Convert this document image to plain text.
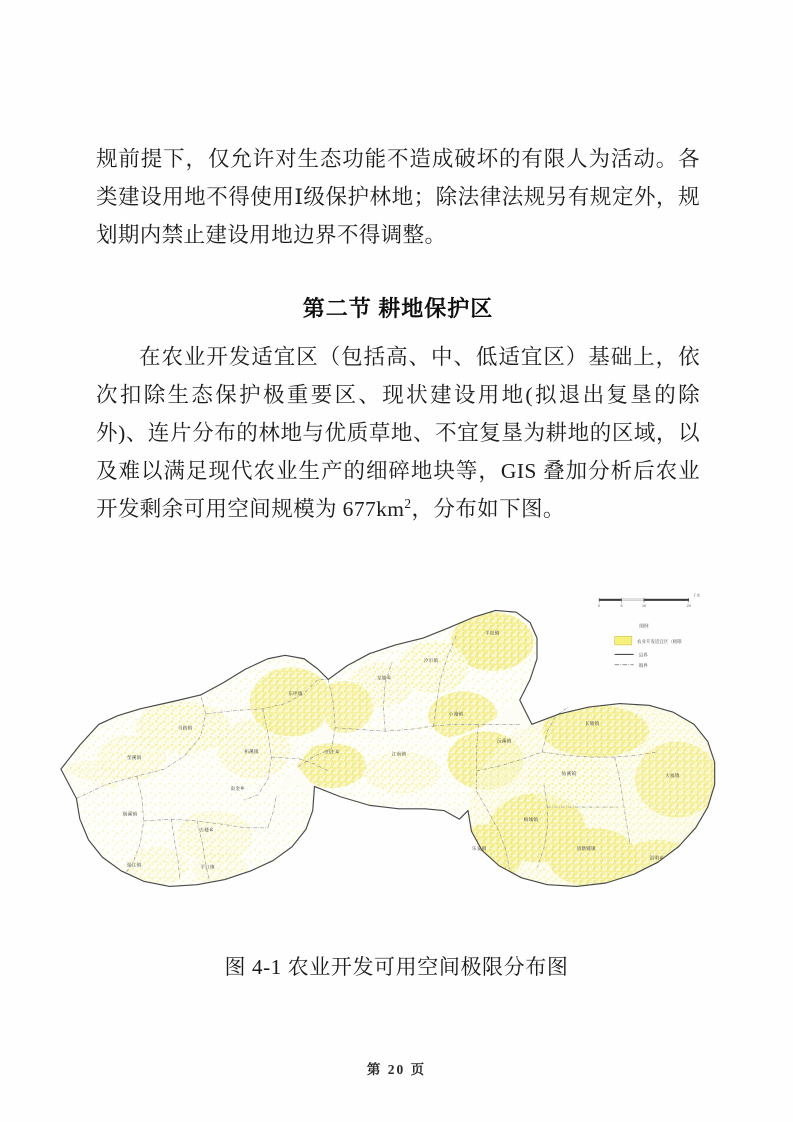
规前提下，仅允许对生态功能不造成破坏的有限人为活动。各类建设用地不得使用Ⅰ级保护林地；除法律法规另有规定外，规划期内禁止建设用地边界不得调整。

第二节 耕地保护区

在农业开发适宜区（包括高、中、低适宜区）基础上，依次扣除生态保护极重要区、现状建设用地(拟退出复垦的除外)、连片分布的林地与优质草地、不宜复垦为耕地的区域，以及难以满足现代农业生产的细碎地块等，GIS 叠加分析后农业开发剩余可用空间规模为 $677km^2$，分布如下图。

半岛镇
冷市镇
龙塘乡
东坪镇
马路镇
奎溪镇
柘溪镇
小淹镇
田庄乡	江南镇
沅溪镇
长塘镇
南金乡
仙溪镇	大福镇
烟溪镇
古楼乡
梅城镇
乐安镇	清塘铺镇
渠江镇	平口镇
滔明乡
0	5	10	20
千米
图例
农业开发适宜区（极限
县界
镇界
图 4-1 农业开发可用空间极限分布图
第 20 页
